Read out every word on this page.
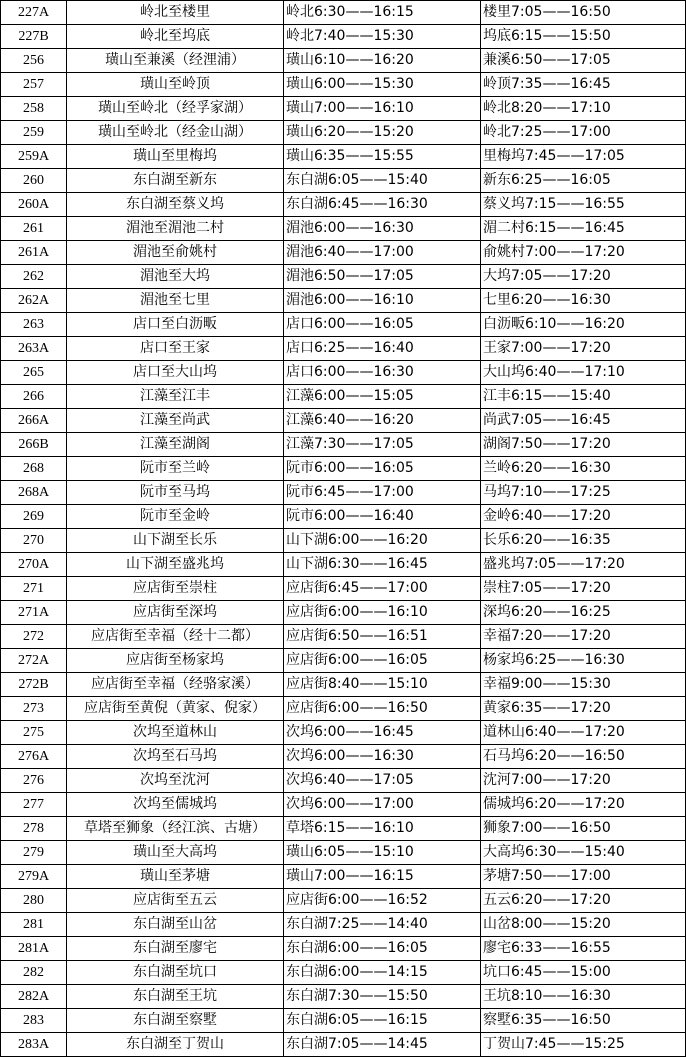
227A	岭北至楼里	岭北6:30——16:15	楼里7:05——16:50
227B	岭北至坞底	岭北7:40——15:30	坞底6:15——15:50
256	璜山至兼溪（经浬浦）	璜山6:10——16:20	兼溪6:50——17:05
257	璜山至岭顶	璜山6:00——15:30	岭顶7:35——16:45
258	璜山至岭北（经孚家湖）	璜山7:00——16:10	岭北8:20——17:10
259	璜山至岭北（经金山湖）	璜山6:20——15:20	岭北7:25——17:00
259A	璜山至里梅坞	璜山6:35——15:55	里梅坞7:45——17:05
260	东白湖至新东	东白湖6:05——15:40	新东6:25——16:05
260A	东白湖至蔡义坞	东白湖6:45——16:30	蔡义坞7:15——16:55
261	湄池至湄池二村	湄池6:00——16:30	湄二村6:15——16:45
261A	湄池至俞姚村	湄池6:40——17:00	俞姚村7:00——17:20
262	湄池至大坞	湄池6:50——17:05	大坞7:05——17:20
262A	湄池至七里	湄池6:00——16:10	七里6:20——16:30
263	店口至白沥畈	店口6:00——16:05	白沥畈6:10——16:20
263A	店口至王家	店口6:25——16:40	王家7:00——17:20
265	店口至大山坞	店口6:00——16:30	大山坞6:40——17:10
266	江藻至江丰	江藻6:00——15:05	江丰6:15——15:40
266A	江藻至尚武	江藻6:40——16:20	尚武7:05——16:45
266B	江藻至湖阁	江藻7:30——17:05	湖阁7:50——17:20
268	阮市至兰岭	阮市6:00——16:05	兰岭6:20——16:30
268A	阮市至马坞	阮市6:45——17:00	马坞7:10——17:25
269	阮市至金岭	阮市6:00——16:40	金岭6:40——17:20
270	山下湖至长乐	山下湖6:00——16:20	长乐6:20——16:35
270A	山下湖至盛兆坞	山下湖6:30——16:45	盛兆坞7:05——17:20
271	应店街至崇柱	应店街6:45——17:00	崇柱7:05——17:20
271A	应店街至深坞	应店街6:00——16:10	深坞6:20——16:25
272	应店街至幸福（经十二都）	应店街6:50——16:51	幸福7:20——17:20
272A	应店街至杨家坞	应店街6:00——16:05	杨家坞6:25——16:30
272B	应店街至幸福（经骆家溪）	应店街8:40——15:10	幸福9:00——15:30
273	应店街至黄倪（黄家、倪家）	应店街6:00——16:50	黄家6:35——17:20
275	次坞至道林山	次坞6:00——16:45	道林山6:40——17:20
276A	次坞至石马坞	次坞6:00——16:30	石马坞6:20——16:50
276	次坞至沈河	次坞6:40——17:05	沈河7:00——17:20
277	次坞至儒城坞	次坞6:00——17:00	儒城坞6:20——17:20
278	草塔至狮象（经江滨、古塘）	草塔6:15——16:10	狮象7:00——16:50
279	璜山至大高坞	璜山6:05——15:10	大高坞6:30——15:40
279A	璜山至茅塘	璜山7:00——16:15	茅塘7:50——17:00
280	应店街至五云	应店街6:00——16:52	五云6:20——17:20
281	东白湖至山岔	东白湖7:25——14:40	山岔8:00——15:20
281A	东白湖至廖宅	东白湖6:00——16:05	廖宅6:33——16:55
282	东白湖至坑口	东白湖6:00——14:15	坑口6:45——15:00
282A	东白湖至王坑	东白湖7:30——15:50	王坑8:10——16:30
283	东白湖至察墅	东白湖6:05——16:15	察墅6:35——16:50
283A	东白湖至丁贺山	东白湖7:05——14:45	丁贺山7:45——15:25
